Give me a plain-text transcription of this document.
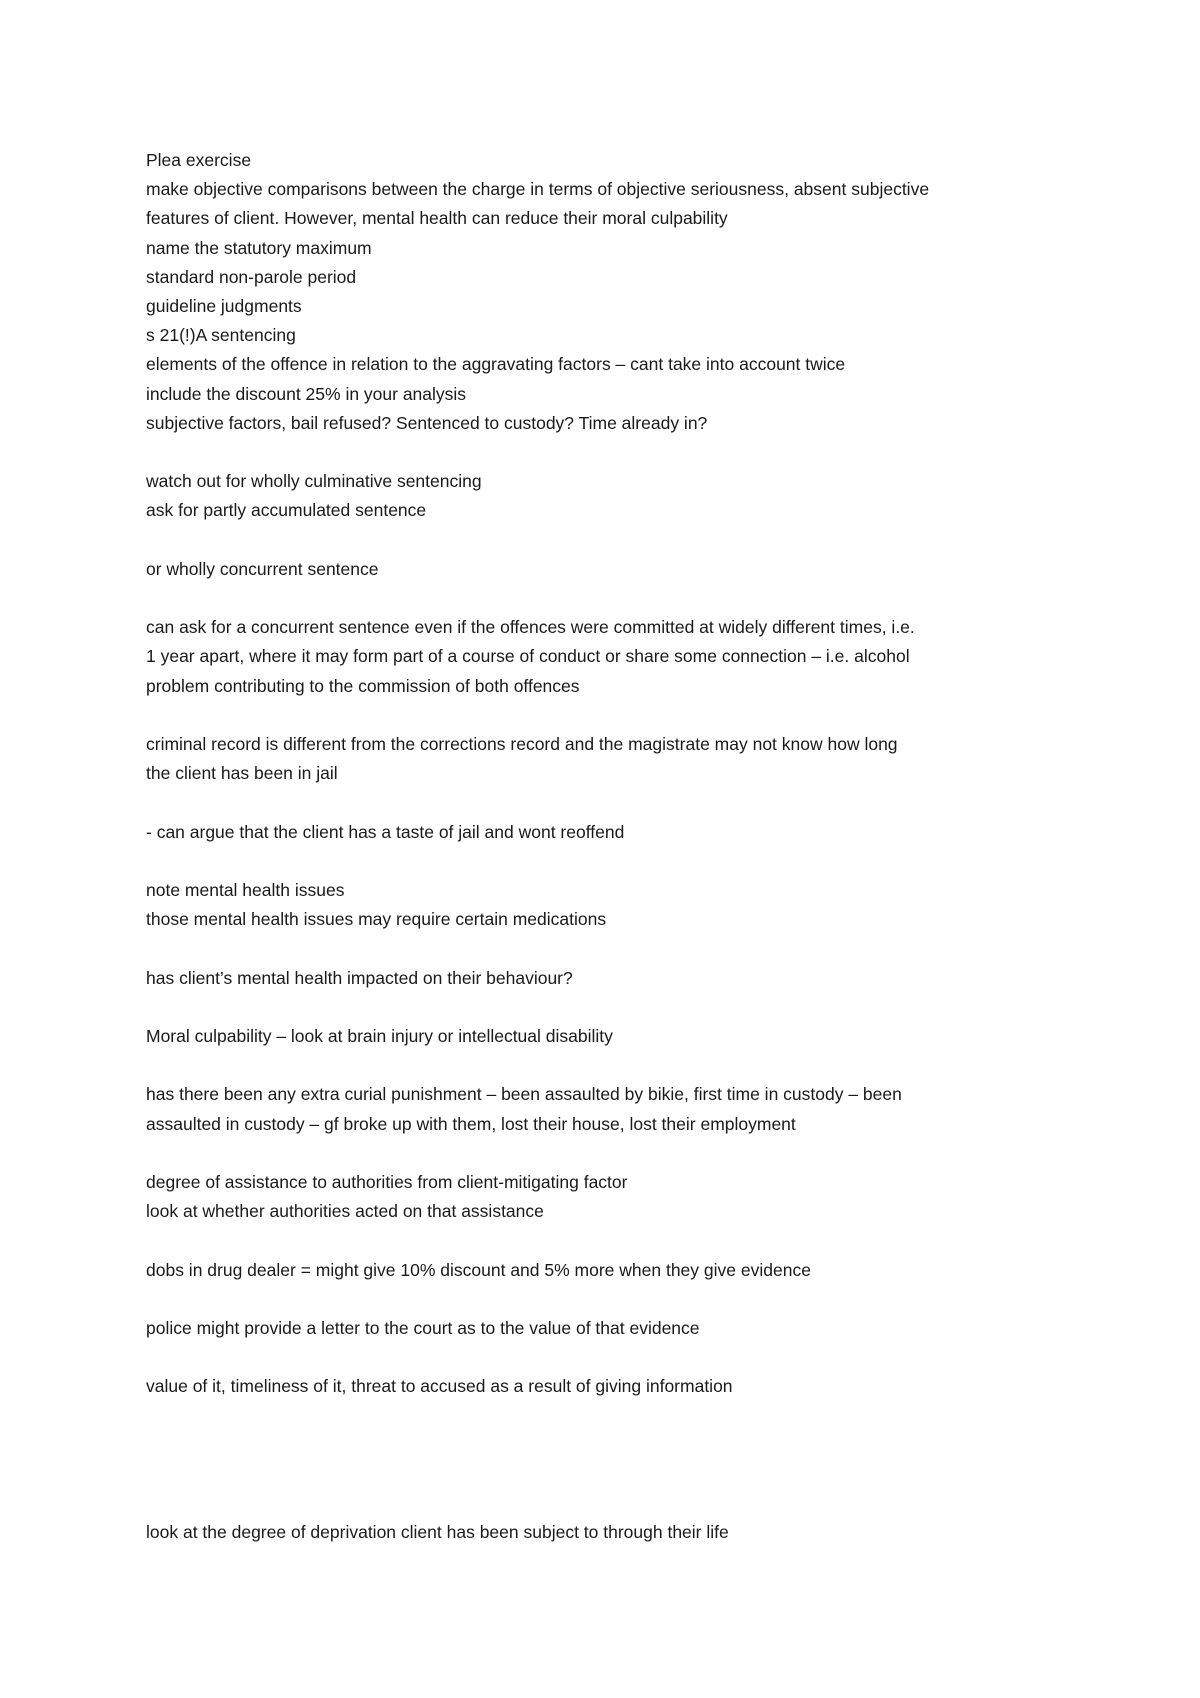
Plea exercise

make objective comparisons between the charge in terms of objective seriousness, absent subjective

features of client. However, mental health can reduce their moral culpability

name the statutory maximum

standard non-parole period

guideline judgments

s 21(!)A sentencing

elements of the offence in relation to the aggravating factors – cant take into account twice

include the discount 25% in your analysis

subjective factors, bail refused? Sentenced to custody? Time already in?

watch out for wholly culminative sentencing

ask for partly accumulated sentence

or wholly concurrent sentence

can ask for a concurrent sentence even if the offences were committed at widely different times, i.e.

1 year apart, where it may form part of a course of conduct or share some connection – i.e. alcohol

problem contributing to the commission of both offences

criminal record is different from the corrections record and the magistrate may not know how long

the client has been in jail

- can argue that the client has a taste of jail and wont reoffend

note mental health issues

those mental health issues may require certain medications

has client’s mental health impacted on their behaviour?

Moral culpability – look at brain injury or intellectual disability

has there been any extra curial punishment – been assaulted by bikie, first time in custody – been

assaulted in custody – gf broke up with them, lost their house, lost their employment

degree of assistance to authorities from client-mitigating factor

look at whether authorities acted on that assistance

dobs in drug dealer = might give 10% discount and 5% more when they give evidence

police might provide a letter to the court as to the value of that evidence

value of it, timeliness of it, threat to accused as a result of giving information

look at the degree of deprivation client has been subject to through their life
